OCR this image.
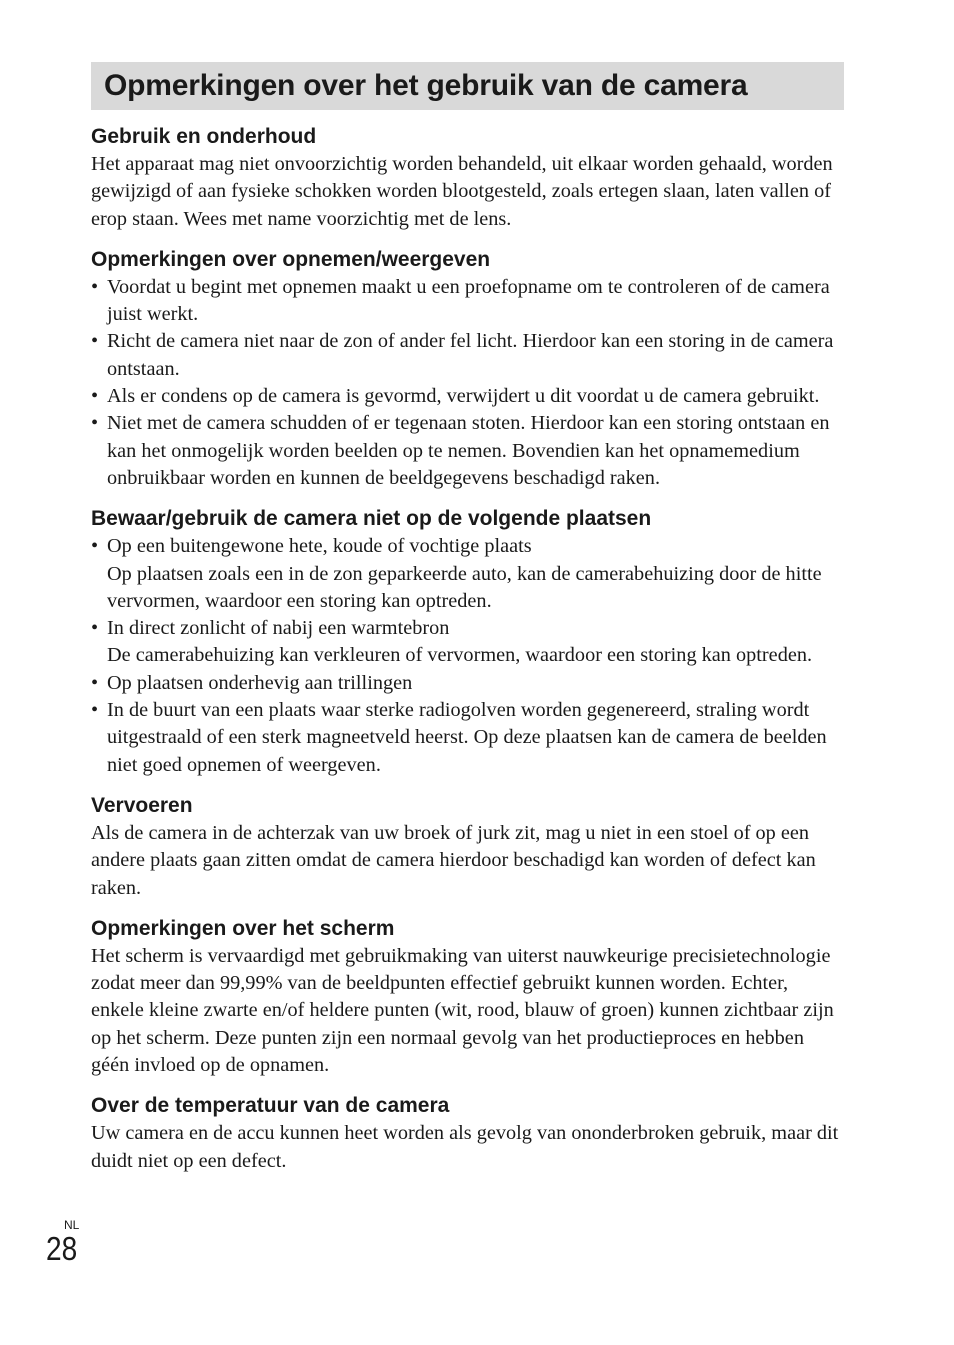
Opmerkingen over het gebruik van de camera

Gebruik en onderhoud

Het apparaat mag niet onvoorzichtig worden behandeld, uit elkaar worden gehaald, worden gewijzigd of aan fysieke schokken worden blootgesteld, zoals ertegen slaan, laten vallen of erop staan. Wees met name voorzichtig met de lens.

Opmerkingen over opnemen/weergeven

• Voordat u begint met opnemen maakt u een proefopname om te controleren of de camera juist werkt.
• Richt de camera niet naar de zon of ander fel licht. Hierdoor kan een storing in de camera ontstaan.
• Als er condens op de camera is gevormd, verwijdert u dit voordat u de camera gebruikt.
• Niet met de camera schudden of er tegenaan stoten. Hierdoor kan een storing ontstaan en kan het onmogelijk worden beelden op te nemen. Bovendien kan het opnamemedium onbruikbaar worden en kunnen de beeldgegevens beschadigd raken.

Bewaar/gebruik de camera niet op de volgende plaatsen

• Op een buitengewone hete, koude of vochtige plaats
Op plaatsen zoals een in de zon geparkeerde auto, kan de camerabehuizing door de hitte vervormen, waardoor een storing kan optreden.
• In direct zonlicht of nabij een warmtebron
De camerabehuizing kan verkleuren of vervormen, waardoor een storing kan optreden.
• Op plaatsen onderhevig aan trillingen
• In de buurt van een plaats waar sterke radiogolven worden gegenereerd, straling wordt uitgestraald of een sterk magneetveld heerst. Op deze plaatsen kan de camera de beelden niet goed opnemen of weergeven.

Vervoeren

Als de camera in de achterzak van uw broek of jurk zit, mag u niet in een stoel of op een andere plaats gaan zitten omdat de camera hierdoor beschadigd kan worden of defect kan raken.

Opmerkingen over het scherm

Het scherm is vervaardigd met gebruikmaking van uiterst nauwkeurige precisietechnologie zodat meer dan 99,99% van de beeldpunten effectief gebruikt kunnen worden. Echter, enkele kleine zwarte en/of heldere punten (wit, rood, blauw of groen) kunnen zichtbaar zijn op het scherm. Deze punten zijn een normaal gevolg van het productieproces en hebben géén invloed op de opnamen.

Over de temperatuur van de camera

Uw camera en de accu kunnen heet worden als gevolg van ononderbroken gebruik, maar dit duidt niet op een defect.

NL
28
